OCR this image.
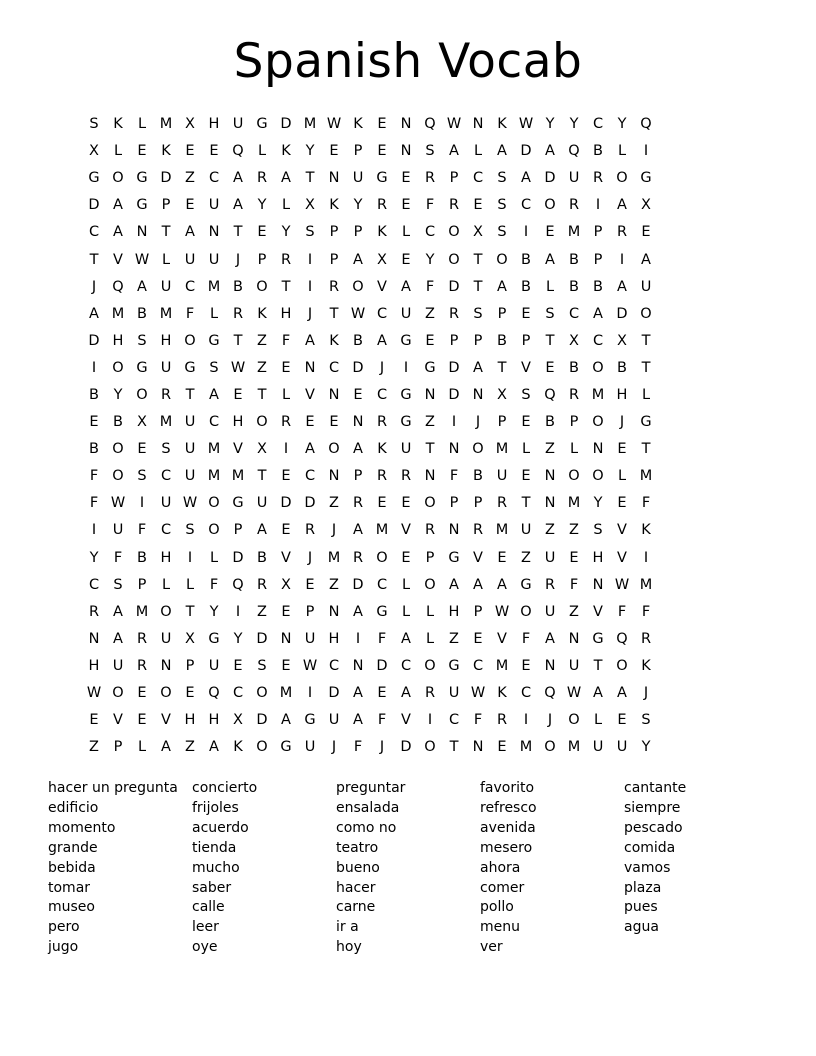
Spanish Vocab
S	K	L M X H U G D M W K	E N Q W N K W Y	Y	C	Y Q
X	L	E	K	E	E Q L	K	Y	E	P	E N S A	L	A D A Q B	L	I
G O G D Z C A R A	T N U G E R	P	C S A D U R O G
D A G P	E U A	Y	L	X K	Y	R E	F	R E	S C O R	I	A X
C A N T	A N T	E	Y	S	P	P	K	L	C O X S	I	E M P	R E
T	V W L	U U	J	P	R	I	P	A X E	Y O T O B A B	P	I	A
J	Q A U C M B O T	I	R O V A	F D T	A B	L	B B A U
A M B M F	L	R K H	J	T W C U Z R S	P	E	S C A D O
D H S H O G T	Z	F	A K B A G E	P	P	B	P	T	X C X	T
I	O G U G S W Z E N C D	J	I	G D A	T	V E B O B	T
B	Y O R	T	A E	T	L	V N E C G N D N X S Q R M H	L
E B X M U C H O R E	E N R G Z	I	J	P	E B	P O	J	G
B O E	S U M V X	I	A O A K U T N O M L	Z	L	N E	T
F O S C U M M T	E C N P	R R N F	B U E N O O L M
F W	I	U W O G U D D Z R E	E O P	P	R	T N M Y	E	F
I	U	F	C S O P	A E R	J	A M V R N R M U Z Z S V K
Y	F	B H	I	L D B V	J	M R O E	P G V E Z U E H V	I
C S	P	L	L	F Q R X E Z D C	L O A A A G R	F N W M
R A M O T	Y	I	Z E	P N A G L	L	H P W O U Z V	F	F
N A R U X G Y D N U H	I	F	A	L	Z E V	F	A N G Q R
H U R N P U E	S	E W C N D C O G C M E N U T O K
W O E O E Q C O M	I	D A E A R U W K C Q W A A	J
E V E V H H X D A G U A	F	V	I	C	F	R	I	J	O L	E	S
Z	P	L	A Z A K O G U	J	F	J	D O T N E M O M U U Y
hacer un pregunta
edificio
momento
grande
bebida
tomar
museo
pero
jugo
concierto
frijoles
acuerdo
tienda
mucho
saber
calle
leer
oye
preguntar
ensalada
como no
teatro
bueno
hacer
carne
ir a
hoy
favorito
refresco
avenida
mesero
ahora
comer
pollo
menu
ver
cantante
siempre
pescado
comida
vamos
plaza
pues
agua
